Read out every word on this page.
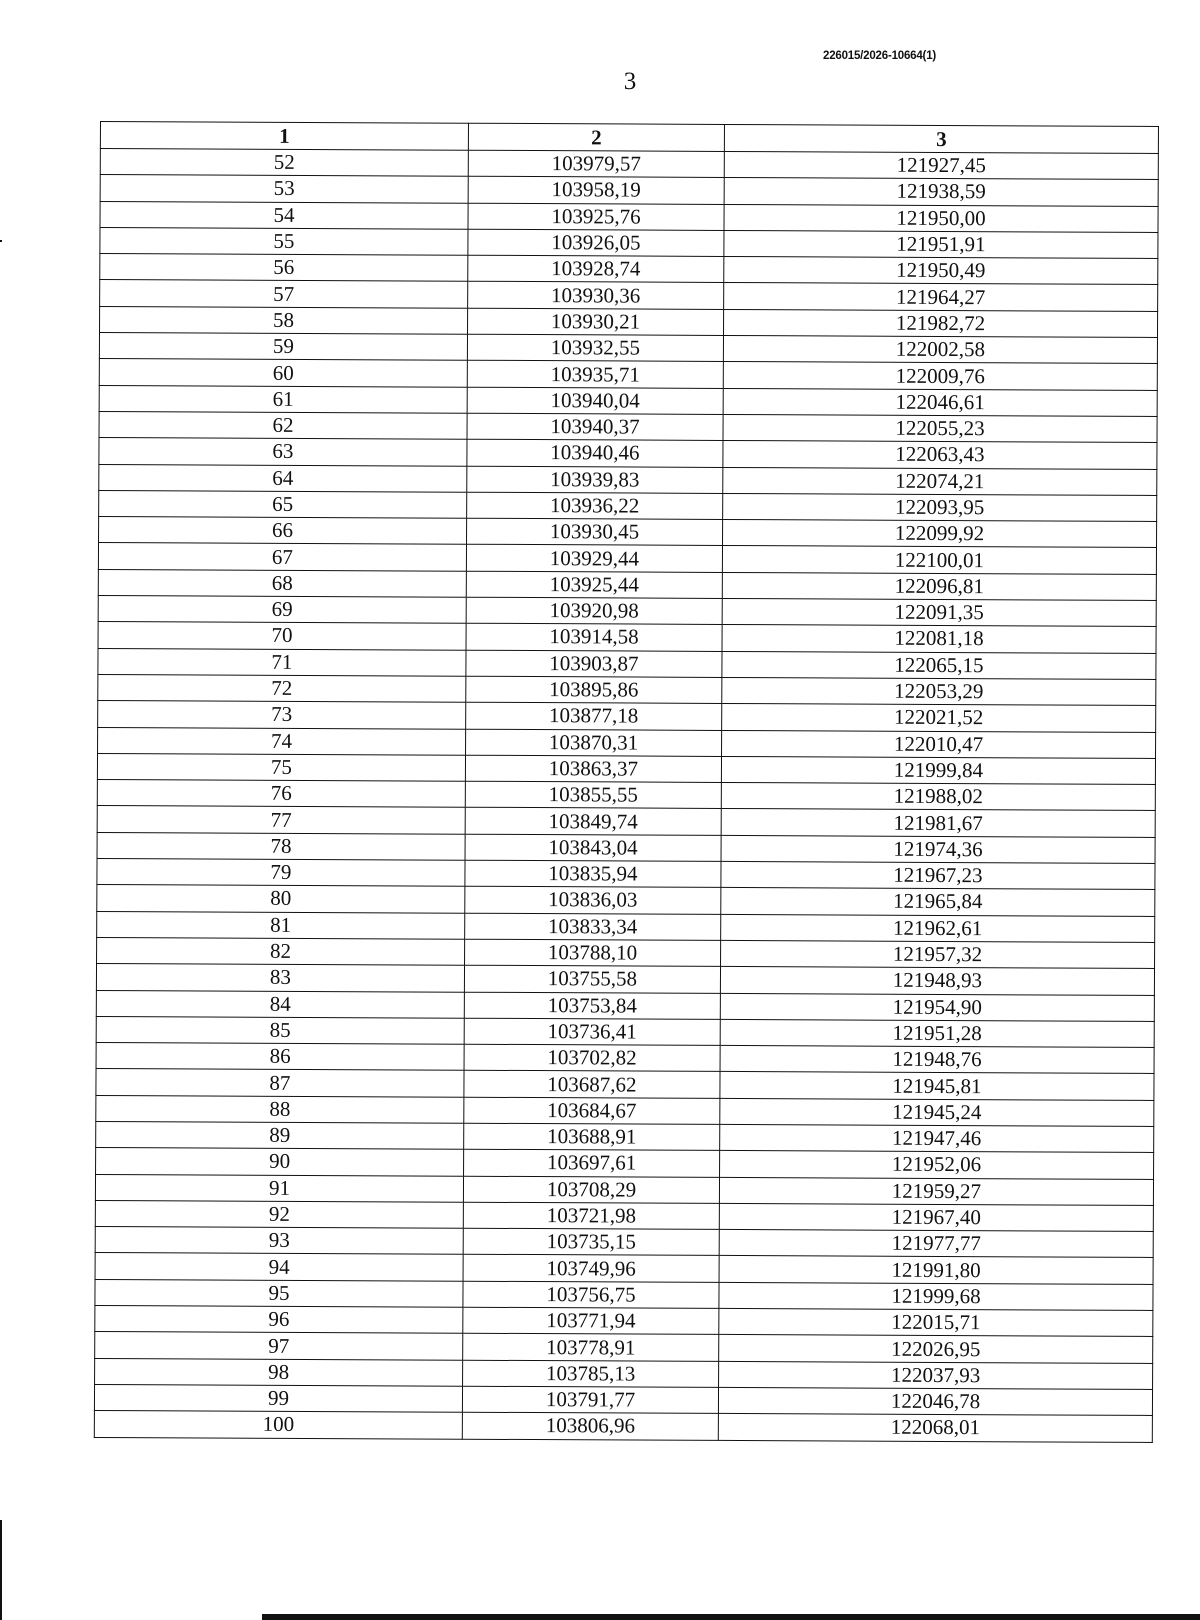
226015/2026-10664(1)
3
1	2	3
52	103979,57	121927,45
53	103958,19	121938,59
54	103925,76	121950,00
55	103926,05	121951,91
56	103928,74	121950,49
57	103930,36	121964,27
58	103930,21	121982,72
59	103932,55	122002,58
60	103935,71	122009,76
61	103940,04	122046,61
62	103940,37	122055,23
63	103940,46	122063,43
64	103939,83	122074,21
65	103936,22	122093,95
66	103930,45	122099,92
67	103929,44	122100,01
68	103925,44	122096,81
69	103920,98	122091,35
70	103914,58	122081,18
71	103903,87	122065,15
72	103895,86	122053,29
73	103877,18	122021,52
74	103870,31	122010,47
75	103863,37	121999,84
76	103855,55	121988,02
77	103849,74	121981,67
78	103843,04	121974,36
79	103835,94	121967,23
80	103836,03	121965,84
81	103833,34	121962,61
82	103788,10	121957,32
83	103755,58	121948,93
84	103753,84	121954,90
85	103736,41	121951,28
86	103702,82	121948,76
87	103687,62	121945,81
88	103684,67	121945,24
89	103688,91	121947,46
90	103697,61	121952,06
91	103708,29	121959,27
92	103721,98	121967,40
93	103735,15	121977,77
94	103749,96	121991,80
95	103756,75	121999,68
96	103771,94	122015,71
97	103778,91	122026,95
98	103785,13	122037,93
99	103791,77	122046,78
100	103806,96	122068,01
